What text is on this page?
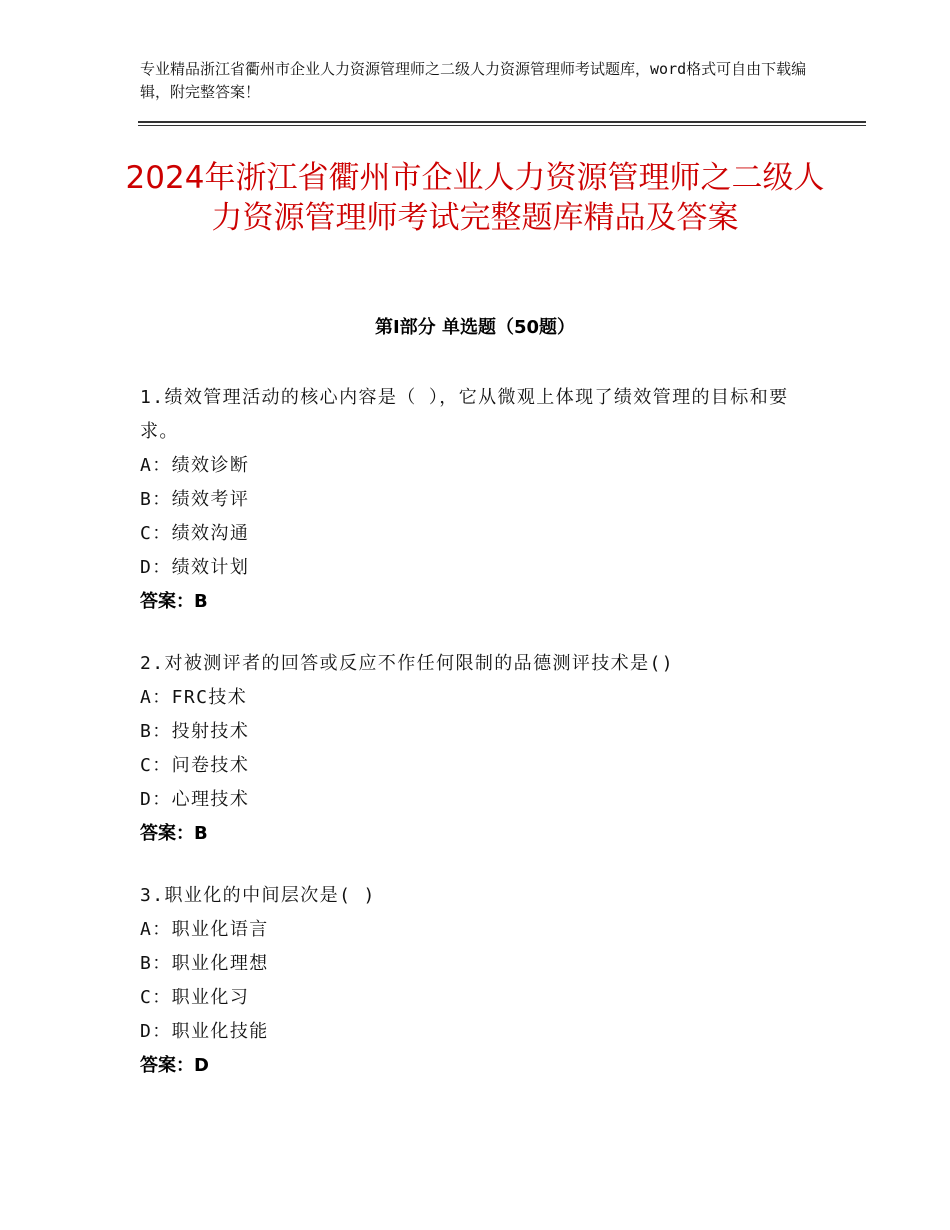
专业精品浙江省衢州市企业人力资源管理师之二级人力资源管理师考试题库，word格式可自由下载编辑，附完整答案！
2024年浙江省衢州市企业人力资源管理师之二级人力资源管理师考试完整题库精品及答案
第Ⅰ部分 单选题（50题）
1.绩效管理活动的核心内容是（ ），它从微观上体现了绩效管理的目标和要求。
A：绩效诊断
B：绩效考评
C：绩效沟通
D：绩效计划
答案：B
2.对被测评者的回答或反应不作任何限制的品德测评技术是()
A：FRC技术
B：投射技术
C：问卷技术
D：心理技术
答案：B
3.职业化的中间层次是( )
A：职业化语言
B：职业化理想
C：职业化习
D：职业化技能
答案：D
